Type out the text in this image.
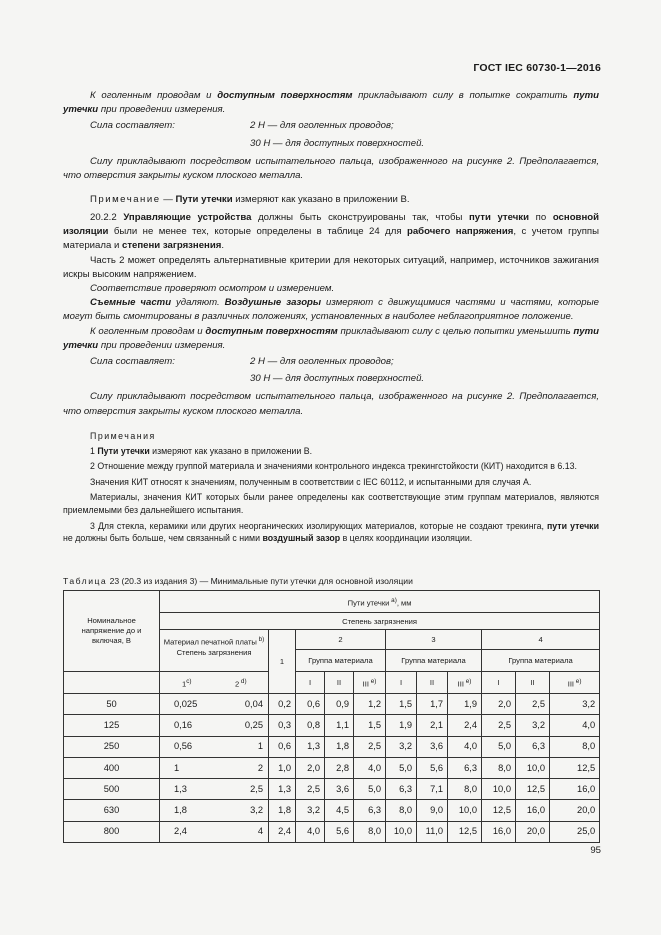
ГОСТ IEC 60730-1—2016

К оголенным проводам и доступным поверхностям прикладывают силу в попытке сократить пути утечки при проведении измерения.

Сила составляет:	2 Н — для оголенных проводов;
30 Н — для доступных поверхностей.

Силу прикладывают посредством испытательного пальца, изображенного на рисунке 2. Предполагается, что отверстия закрыты куском плоского металла.

Примечание — Пути утечки измеряют как указано в приложении В.

20.2.2 Управляющие устройства должны быть сконструированы так, чтобы пути утечки по основной изоляции были не менее тех, которые определены в таблице 24 для рабочего напряжения, с учетом группы материала и степени загрязнения.

Часть 2 может определять альтернативные критерии для некоторых ситуаций, например, источников зажигания искры высоким напряжением.

Соответствие проверяют осмотром и измерением.

Съемные части удаляют. Воздушные зазоры измеряют с движущимися частями и частями, которые могут быть смонтированы в различных положениях, установленных в наиболее неблагоприятное положение.

К оголенным проводам и доступным поверхностям прикладывают силу с целью попытки уменьшить пути утечки при проведении измерения.

Сила составляет:	2 Н — для оголенных проводов;
30 Н — для доступных поверхностей.

Силу прикладывают посредством испытательного пальца, изображенного на рисунке 2. Предполагается, что отверстия закрыты куском плоского металла.

Примечания

1 Пути утечки измеряют как указано в приложении В.

2 Отношение между группой материала и значениями контрольного индекса трекингстойкости (КИТ) находится в 6.13.

Значения КИТ относят к значениям, полученным в соответствии с IEC 60112, и испытанными для случая А.

Материалы, значения КИТ которых были ранее определены как соответствующие этим группам материалов, являются приемлемыми без дальнейшего испытания.

3 Для стекла, керамики или других неорганических изолирующих материалов, которые не создают трекинга, пути утечки не должны быть больше, чем связанный с ними воздушный зазор в целях координации изоляции.

Таблица 23 (20.3 из издания 3) — Минимальные пути утечки для основной изоляции
Номинальное напряжение до и включая, В	Пути утечки $^{а)}$, мм											
	Степень загрязнения											
	Материал печатной платы $^{b)}$
Степень загрязнения		1	2			3			4		
				Группа материала			Группа материала			Группа материала		
	1$^{c)}$	2 $^{d)}$		I	II	III $^{е)}$	I	II	III $^{е)}$	I	II	III $^{е)}$
50	0,025	0,04	0,2	0,6	0,9	1,2	1,5	1,7	1,9	2,0	2,5	3,2
125	0,16	0,25	0,3	0,8	1,1	1,5	1,9	2,1	2,4	2,5	3,2	4,0
250	0,56	1	0,6	1,3	1,8	2,5	3,2	3,6	4,0	5,0	6,3	8,0
400	1	2	1,0	2,0	2,8	4,0	5,0	5,6	6,3	8,0	10,0	12,5
500	1,3	2,5	1,3	2,5	3,6	5,0	6,3	7,1	8,0	10,0	12,5	16,0
630	1,8	3,2	1,8	3,2	4,5	6,3	8,0	9,0	10,0	12,5	16,0	20,0
800	2,4	4	2,4	4,0	5,6	8,0	10,0	11,0	12,5	16,0	20,0	25,0
95
